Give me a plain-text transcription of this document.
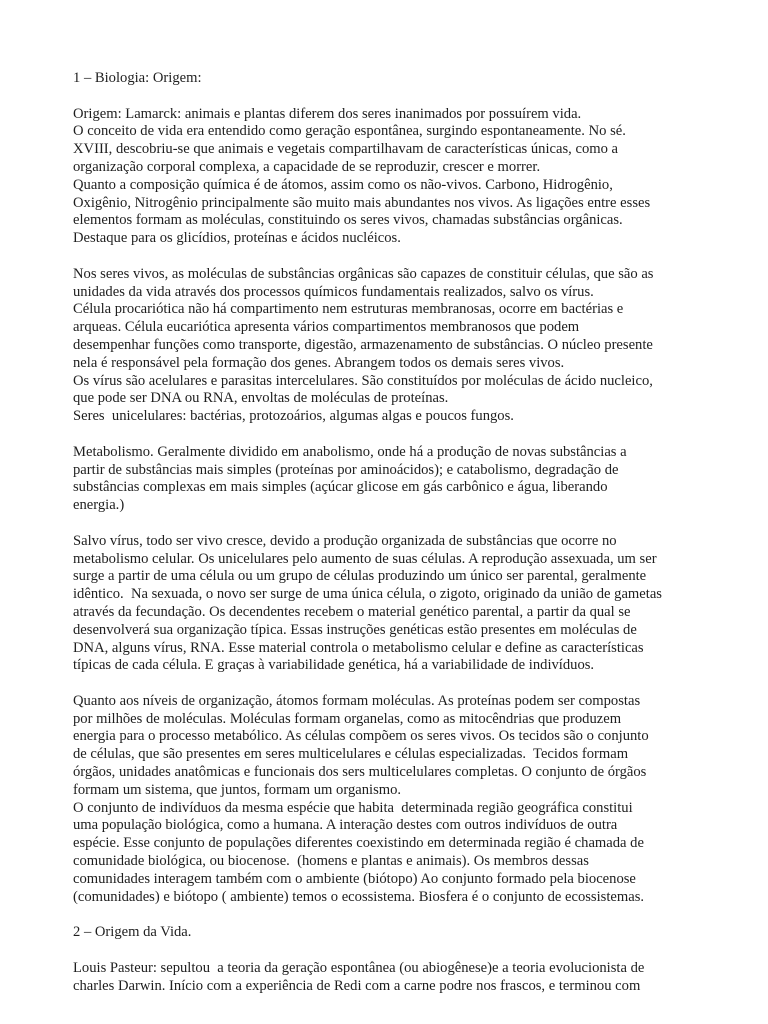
1 – Biologia: Origem:
Origem: Lamarck: animais e plantas diferem dos seres inanimados por possuírem vida.
O conceito de vida era entendido como geração espontânea, surgindo espontaneamente. No sé.
XVIII, descobriu-se que animais e vegetais compartilhavam de características únicas, como a
organização corporal complexa, a capacidade de se reproduzir, crescer e morrer.
Quanto a composição química é de átomos, assim como os não-vivos. Carbono, Hidrogênio,
Oxigênio, Nitrogênio principalmente são muito mais abundantes nos vivos. As ligações entre esses
elementos formam as moléculas, constituindo os seres vivos, chamadas substâncias orgânicas.
Destaque para os glicídios, proteínas e ácidos nucléicos.
Nos seres vivos, as moléculas de substâncias orgânicas são capazes de constituir células, que são as
unidades da vida através dos processos químicos fundamentais realizados, salvo os vírus.
Célula procariótica não há compartimento nem estruturas membranosas, ocorre em bactérias e
arqueas. Célula eucariótica apresenta vários compartimentos membranosos que podem
desempenhar funções como transporte, digestão, armazenamento de substâncias. O núcleo presente
nela é responsável pela formação dos genes. Abrangem todos os demais seres vivos.
Os vírus são acelulares e parasitas intercelulares. São constituídos por moléculas de ácido nucleico,
que pode ser DNA ou RNA, envoltas de moléculas de proteínas.
Seres  unicelulares: bactérias, protozoários, algumas algas e poucos fungos.
Metabolismo. Geralmente dividido em anabolismo, onde há a produção de novas substâncias a
partir de substâncias mais simples (proteínas por aminoácidos); e catabolismo, degradação de
substâncias complexas em mais simples (açúcar glicose em gás carbônico e água, liberando
energia.)
Salvo vírus, todo ser vivo cresce, devido a produção organizada de substâncias que ocorre no
metabolismo celular. Os unicelulares pelo aumento de suas células. A reprodução assexuada, um ser
surge a partir de uma célula ou um grupo de células produzindo um único ser parental, geralmente
idêntico.  Na sexuada, o novo ser surge de uma única célula, o zigoto, originado da união de gametas
através da fecundação. Os decendentes recebem o material genético parental, a partir da qual se
desenvolverá sua organização típica. Essas instruções genéticas estão presentes em moléculas de
DNA, alguns vírus, RNA. Esse material controla o metabolismo celular e define as características
típicas de cada célula. E graças à variabilidade genética, há a variabilidade de indivíduos.
Quanto aos níveis de organização, átomos formam moléculas. As proteínas podem ser compostas
por milhões de moléculas. Moléculas formam organelas, como as mitocêndrias que produzem
energia para o processo metabólico. As células compõem os seres vivos. Os tecidos são o conjunto
de células, que são presentes em seres multicelulares e células especializadas.  Tecidos formam
órgãos, unidades anatômicas e funcionais dos sers multicelulares completas. O conjunto de órgãos
formam um sistema, que juntos, formam um organismo.
O conjunto de indivíduos da mesma espécie que habita  determinada região geográfica constitui
uma população biológica, como a humana. A interação destes com outros indivíduos de outra
espécie. Esse conjunto de populações diferentes coexistindo em determinada região é chamada de
comunidade biológica, ou biocenose.  (homens e plantas e animais). Os membros dessas
comunidades interagem também com o ambiente (biótopo) Ao conjunto formado pela biocenose
(comunidades) e biótopo ( ambiente) temos o ecossistema. Biosfera é o conjunto de ecossistemas.
2 – Origem da Vida.
Louis Pasteur: sepultou  a teoria da geração espontânea (ou abiogênese)e a teoria evolucionista de
charles Darwin. Início com a experiência de Redi com a carne podre nos frascos, e terminou com
